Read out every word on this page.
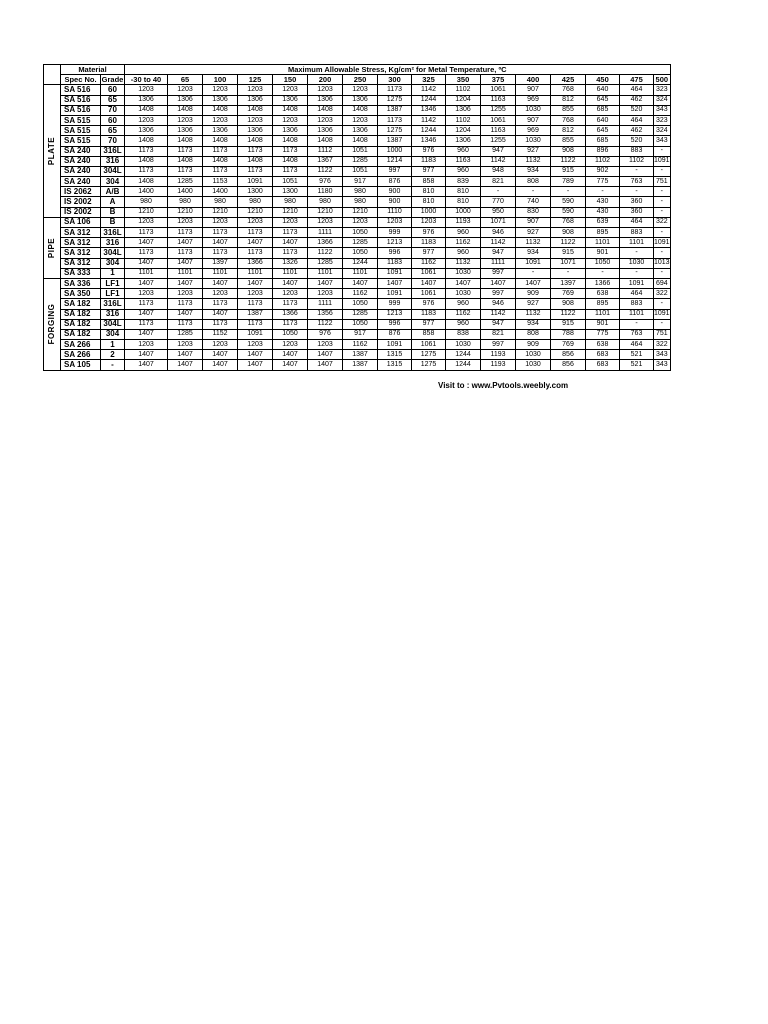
	Material		Maximum Allowable Stress, Kg/cm² for Metal Temperature, ºC															
	Spec No.	Grade	-30 to 40	65	100	125	150	200	250	300	325	350	375	400	425	450	475	500

PLATE	SA 516	60	1203	1203	1203	1203	1203	1203	1203	1173	1142	1102	1061	907	768	640	464	323
	SA 516	65	1306	1306	1306	1306	1306	1306	1306	1275	1244	1204	1163	969	812	645	462	324
	SA 516	70	1408	1408	1408	1408	1408	1408	1408	1387	1346	1306	1255	1030	855	685	520	343
	SA 515	60	1203	1203	1203	1203	1203	1203	1203	1173	1142	1102	1061	907	768	640	464	323
	SA 515	65	1306	1306	1306	1306	1306	1306	1306	1275	1244	1204	1163	969	812	645	462	324
	SA 515	70	1408	1408	1408	1408	1408	1408	1408	1387	1346	1306	1255	1030	855	685	520	343
	SA 240	316L	1173	1173	1173	1173	1173	1112	1051	1000	976	960	947	927	908	896	883	-
	SA 240	316	1408	1408	1408	1408	1408	1367	1285	1214	1183	1163	1142	1132	1122	1102	1102	1091
	SA 240	304L	1173	1173	1173	1173	1173	1122	1051	997	977	960	948	934	915	902	-	-
	SA 240	304	1408	1285	1153	1091	1051	976	917	876	858	839	821	808	789	775	763	751
	IS 2062	A/B	1400	1400	1400	1300	1300	1180	980	900	810	810	-	-	-	-	-	-
	IS 2002	A	980	980	980	980	980	980	980	900	810	810	770	740	590	430	360	-
	IS 2002	B	1210	1210	1210	1210	1210	1210	1210	1110	1000	1000	950	830	590	430	360	-

PIPE	SA 106	B	1203	1203	1203	1203	1203	1203	1203	1203	1203	1193	1071	907	768	639	464	322
	SA 312	316L	1173	1173	1173	1173	1173	1111	1050	999	976	960	946	927	908	895	883	-
	SA 312	316	1407	1407	1407	1407	1407	1366	1285	1213	1183	1162	1142	1132	1122	1101	1101	1091
	SA 312	304L	1173	1173	1173	1173	1173	1122	1050	996	977	960	947	934	915	901	-	-
	SA 312	304	1407	1407	1397	1366	1326	1285	1244	1183	1162	1132	1111	1091	1071	1050	1030	1013
	SA 333	1	1101	1101	1101	1101	1101	1101	1101	1091	1061	1030	997	-	-	-	-	-

FORGING	SA 336	LF1	1407	1407	1407	1407	1407	1407	1407	1407	1407	1407	1407	1407	1397	1366	1091	694
	SA 350	LF1	1203	1203	1203	1203	1203	1203	1162	1091	1061	1030	997	909	769	638	464	322
	SA 182	316L	1173	1173	1173	1173	1173	1111	1050	999	976	960	946	927	908	895	883	-
	SA 182	316	1407	1407	1407	1387	1366	1356	1285	1213	1183	1162	1142	1132	1122	1101	1101	1091
	SA 182	304L	1173	1173	1173	1173	1173	1122	1050	996	977	960	947	934	915	901	-	-
	SA 182	304	1407	1285	1152	1091	1050	976	917	876	858	838	821	808	788	775	763	751
	SA 266	1	1203	1203	1203	1203	1203	1203	1162	1091	1061	1030	997	909	769	638	464	322
	SA 266	2	1407	1407	1407	1407	1407	1407	1387	1315	1275	1244	1193	1030	856	683	521	343
	SA 105	-	1407	1407	1407	1407	1407	1407	1387	1315	1275	1244	1193	1030	856	683	521	343
Visit to : www.Pvtools.weebly.com
